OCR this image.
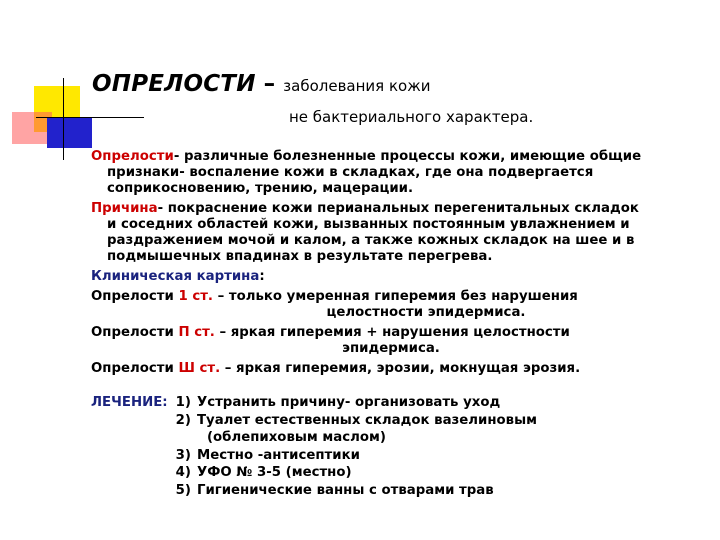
ОПРЕЛОСТИ – заболевания кожи
не бактериального характера.

Опрелости- различные болезненные процессы кожи, имеющие общие
признаки- воспаление кожи в складках, где она подвергается
соприкосновению, трению, мацерации.

Причина- покраснение кожи перианальных перегенитальных складок
и соседних областей кожи, вызванных постоянным увлажнением и
раздражением мочой и калом, а также кожных складок на шее и в
подмышечных впадинах в результате перегрева.

Клиническая картина:

Опрелости 1 ст. – только умеренная гиперемия без нарушения

целостности эпидермиса.

Опрелости П ст. – яркая гиперемия + нарушения целостности

эпидермиса.

Опрелости Ш ст. – яркая гиперемия, эрозии, мокнущая эрозия.

ЛЕЧЕНИЕ:	1)	Устранить причину- организовать уход
	2)	Туалет естественных складок вазелиновым
		(облепиховым маслом)
	3)	Местно -антисептики
	4)	УФО № 3-5 (местно)
	5)	Гигиенические ванны с отварами трав
